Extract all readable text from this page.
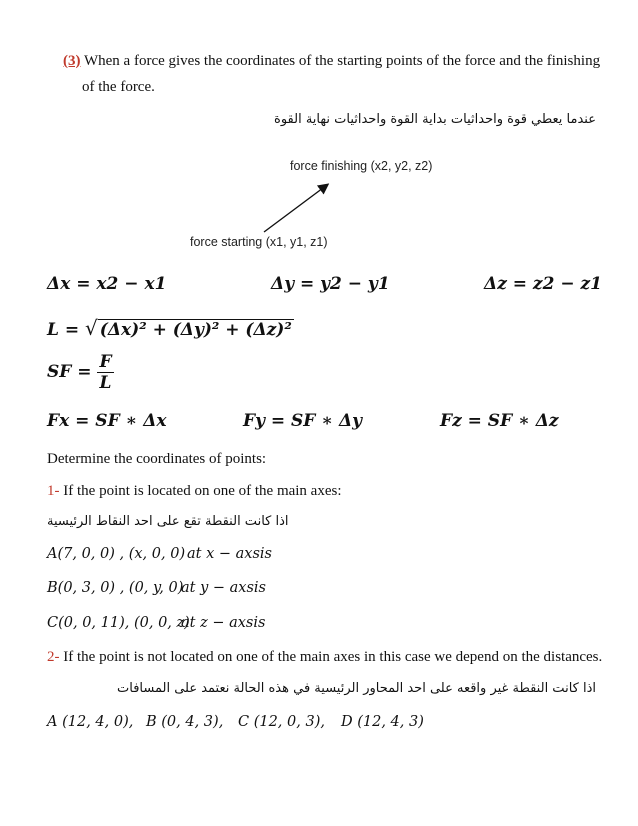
(3) When a force gives the coordinates of the starting points of the force and the finishing
of the force.
عندما يعطي قوة واحداثيات بداية القوة واحداثيات نهاية القوة
force finishing (x2, y2, z2)
force starting (x1, y1, z1)
Δx = x2 − x1	Δy = y2 − y1	Δz = z2 − z1
L = √ (Δx)² + (Δy)² + (Δz)²
SF = $\frac{F}{L}$
Fx = SF ∗ Δx	Fy = SF ∗ Δy	Fz = SF ∗ Δz
Determine the coordinates of points:
1- If the point is located on one of the main axes:
اذا كانت النقطة تقع على احد النقاط الرئيسية
A(7, 0, 0) , (x, 0, 0) at x − axsis
B(0, 3, 0) , (0, y, 0)
at y − axsis
C(0, 0, 11), (0, 0, z)
at z − axsis
2- If the point is not located on one of the main axes in this case we depend on the distances.
اذا كانت النقطة غير واقعه على احد المحاور الرئيسية في هذه الحالة نعتمد على المسافات
A (12, 4, 0), B (0, 4, 3), C (12, 0, 3), D (12, 4, 3)
